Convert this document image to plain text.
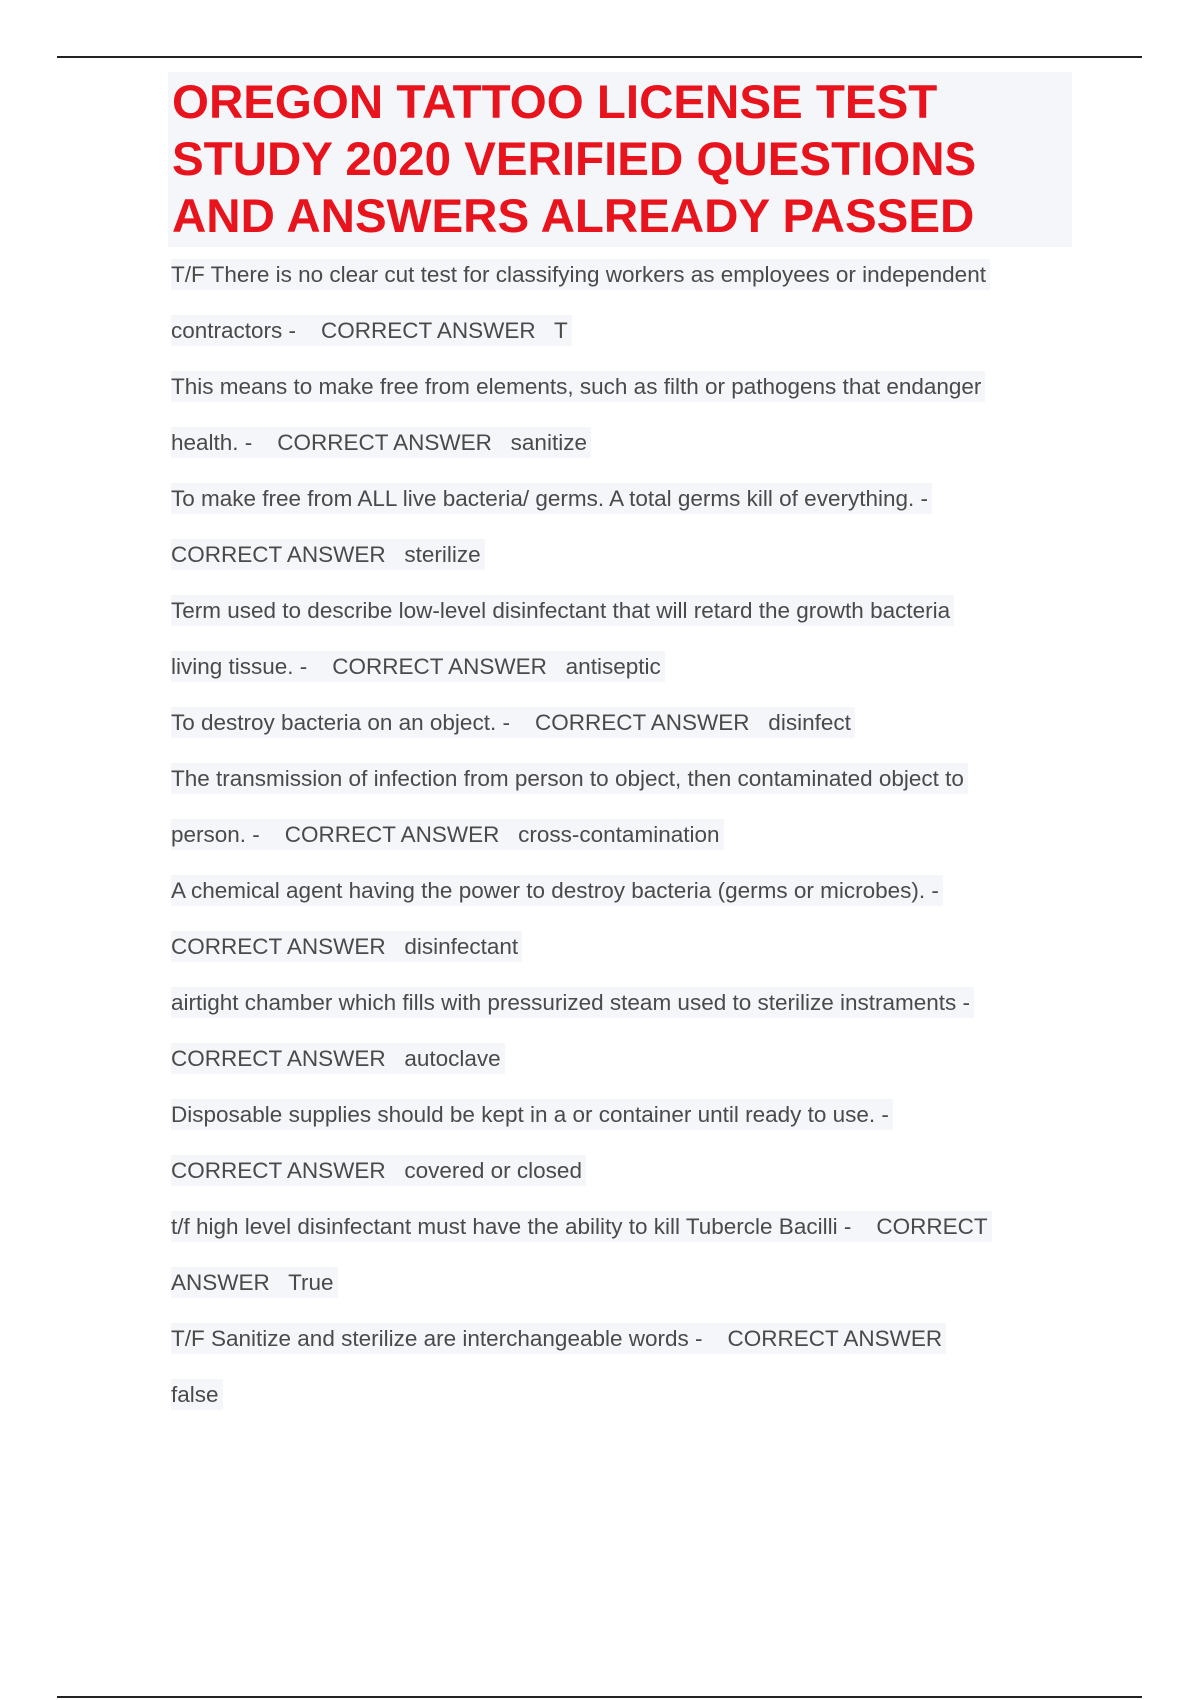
OREGON TATTOO LICENSE TEST STUDY 2020 VERIFIED QUESTIONS AND ANSWERS ALREADY PASSED
T/F There is no clear cut test for classifying workers as employees or independent
contractors -    CORRECT ANSWER   T
This means to make free from elements, such as filth or pathogens that endanger
health. -    CORRECT ANSWER   sanitize
To make free from ALL live bacteria/ germs. A total germs kill of everything. -
CORRECT ANSWER   sterilize
Term used to describe low-level disinfectant that will retard the growth bacteria
living tissue. -    CORRECT ANSWER   antiseptic
To destroy bacteria on an object. -    CORRECT ANSWER   disinfect
The transmission of infection from person to object, then contaminated object to
person. -    CORRECT ANSWER   cross-contamination
A chemical agent having the power to destroy bacteria (germs or microbes). -
CORRECT ANSWER   disinfectant
airtight chamber which fills with pressurized steam used to sterilize instraments -
CORRECT ANSWER   autoclave
Disposable supplies should be kept in a or container until ready to use. -
CORRECT ANSWER   covered or closed
t/f high level disinfectant must have the ability to kill Tubercle Bacilli -    CORRECT
ANSWER   True
T/F Sanitize and sterilize are interchangeable words -    CORRECT ANSWER
false
